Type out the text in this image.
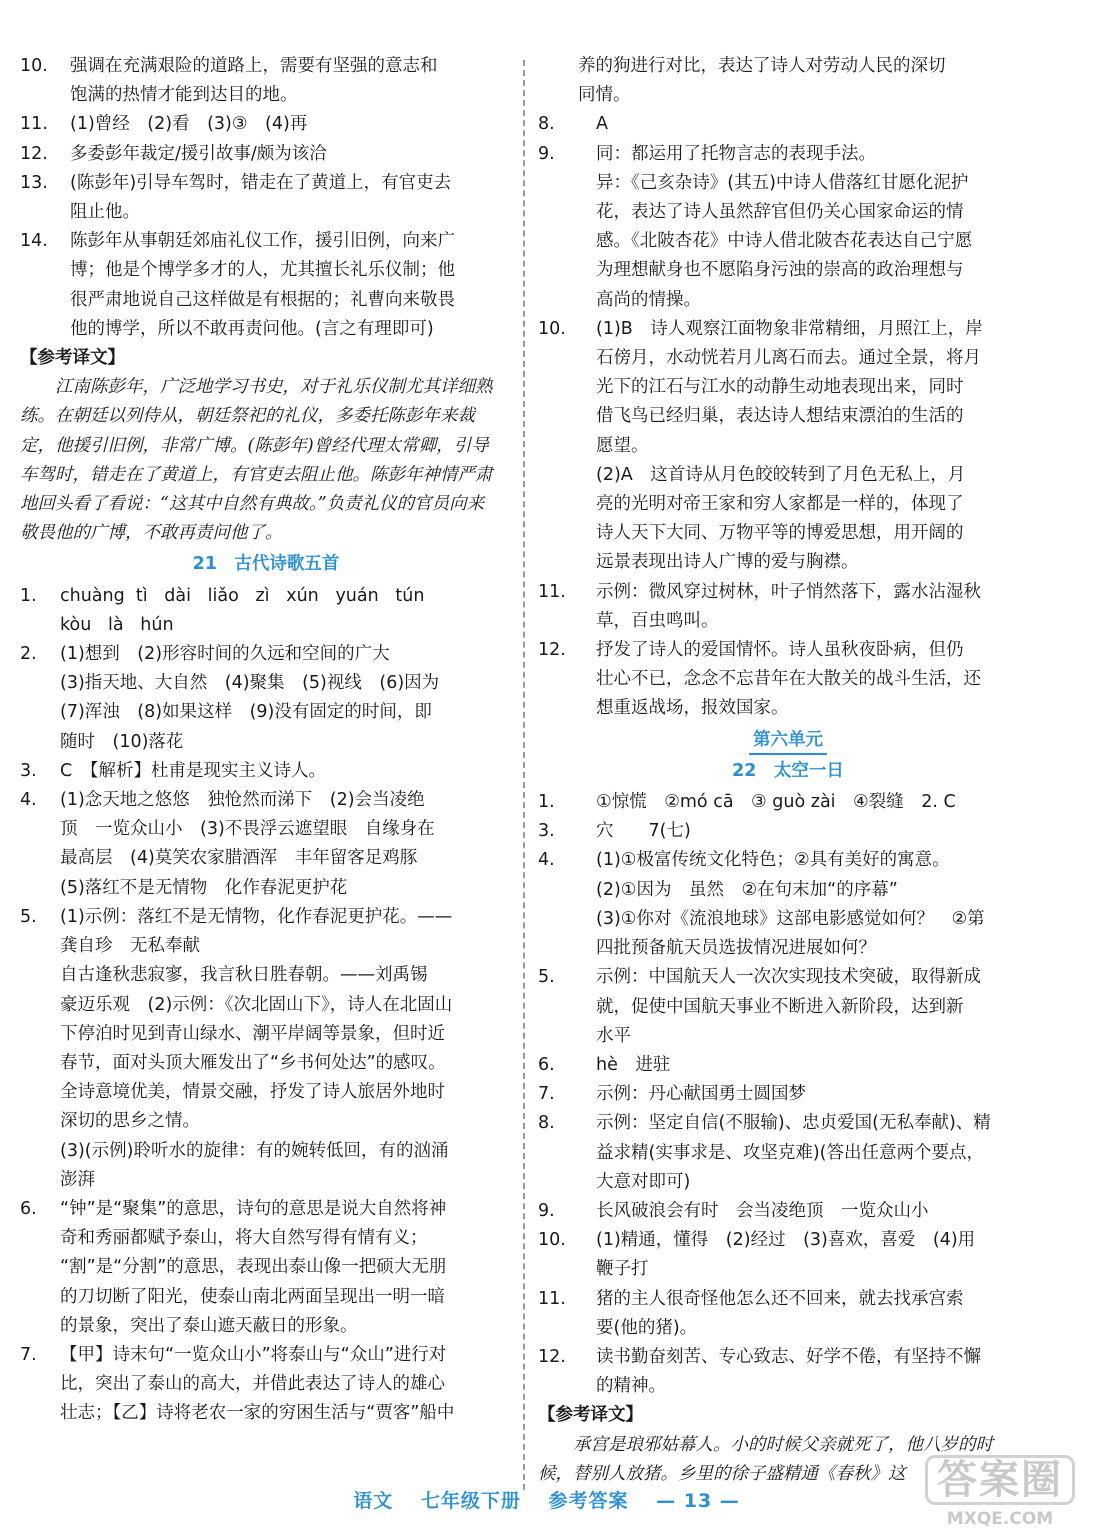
10.	强调在充满艰险的道路上，需要有坚强的意志和
饱满的热情才能到达目的地。
11.	(1)曾经　(2)看　(3)③　(4)再
12.	多委彭年裁定/援引故事/颇为该洽
13.	(陈彭年)引导车驾时，错走在了黄道上，有官吏去
阻止他。
14.	陈彭年从事朝廷郊庙礼仪工作，援引旧例，向来广
博；他是个博学多才的人，尤其擅长礼乐仪制；他
很严肃地说自己这样做是有根据的；礼曹向来敬畏
他的博学，所以不敢再责问他。(言之有理即可)
【参考译文】
江南陈彭年，广泛地学习书史，对于礼乐仪制尤其详细熟练。在朝廷以列侍从，朝廷祭祀的礼仪，多委托陈彭年来裁定，他援引旧例，非常广博。(陈彭年)曾经代理太常卿，引导车驾时，错走在了黄道上，有官吏去阻止他。陈彭年神情严肃地回头看了看说：“这其中自然有典故。”负责礼仪的官员向来敬畏他的广博，不敢再责问他了。
21　古代诗歌五首
1.	chuàng  tì   dài   liǎo   zì   xún   yuán   tún
kòu   là   hún
2.	(1)想到　(2)形容时间的久远和空间的广大
(3)指天地、大自然　(4)聚集　(5)视线　(6)因为
(7)浑浊　(8)如果这样　(9)没有固定的时间，即
随时　(10)落花
3.	C　【解析】杜甫是现实主义诗人。
4.	(1)念天地之悠悠　独怆然而涕下　(2)会当凌绝
顶　一览众山小　(3)不畏浮云遮望眼　自缘身在
最高层　(4)莫笑农家腊酒浑　丰年留客足鸡豚
(5)落红不是无情物　化作春泥更护花
5.	(1)示例：落红不是无情物，化作春泥更护花。——
龚自珍　无私奉献
自古逢秋悲寂寥，我言秋日胜春朝。——刘禹锡
豪迈乐观　(2)示例：《次北固山下》，诗人在北固山
下停泊时见到青山绿水、潮平岸阔等景象，但时近
春节，面对头顶大雁发出了“乡书何处达”的感叹。
全诗意境优美，情景交融，抒发了诗人旅居外地时
深切的思乡之情。
(3)(示例)聆听水的旋律：有的婉转低回，有的汹涌
澎湃
6.	“钟”是“聚集”的意思，诗句的意思是说大自然将神
奇和秀丽都赋予泰山，将大自然写得有情有义；
“割”是“分割”的意思，表现出泰山像一把硕大无朋
的刀切断了阳光，使泰山南北两面呈现出一明一暗
的景象，突出了泰山遮天蔽日的形象。
7.	【甲】诗末句“一览众山小”将泰山与“众山”进行对
比，突出了泰山的高大，并借此表达了诗人的雄心
壮志；【乙】诗将老农一家的穷困生活与“贾客”船中
养的狗进行对比，表达了诗人对劳动人民的深切
同情。
8.	A
9.	同：都运用了托物言志的表现手法。
异：《己亥杂诗》(其五)中诗人借落红甘愿化泥护
花，表达了诗人虽然辞官但仍关心国家命运的情
感。《北陂杏花》中诗人借北陂杏花表达自己宁愿
为理想献身也不愿陷身污浊的崇高的政治理想与
高尚的情操。
10.	(1)B　诗人观察江面物象非常精细，月照江上，岸
石傍月，水动恍若月儿离石而去。通过全景，将月
光下的江石与江水的动静生动地表现出来，同时
借飞鸟已经归巢，表达诗人想结束漂泊的生活的
愿望。
(2)A　这首诗从月色皎皎转到了月色无私上，月
亮的光明对帝王家和穷人家都是一样的，体现了
诗人天下大同、万物平等的博爱思想，用开阔的
远景表现出诗人广博的爱与胸襟。
11.	示例：微风穿过树林，叶子悄然落下，露水沾湿秋
草，百虫鸣叫。
12.	抒发了诗人的爱国情怀。诗人虽秋夜卧病，但仍
壮心不已，念念不忘昔年在大散关的战斗生活，还
想重返战场，报效国家。
第六单元
22　太空一日
1.	①惊慌　②mó cā　③ guò zài　④裂缝　2. C
3.	穴　　7(七)
4.	(1)①极富传统文化特色；②具有美好的寓意。
(2)①因为　虽然　②在句末加“的序幕”
(3)①你对《流浪地球》这部电影感觉如何？　②第
四批预备航天员选拔情况进展如何？
5.	示例：中国航天人一次次实现技术突破，取得新成
就，促使中国航天事业不断进入新阶段，达到新
水平
6.	hè　进驻
7.	示例：丹心献国勇士圆国梦
8.	示例：坚定自信(不服输)、忠贞爱国(无私奉献)、精
益求精(实事求是、攻坚克难)(答出任意两个要点，
大意对即可)
9.	长风破浪会有时　会当凌绝顶　一览众山小
10.	(1)精通，懂得　(2)经过　(3)喜欢，喜爱　(4)用
鞭子打
11.	猪的主人很奇怪他怎么还不回来，就去找承宫索
要(他的猪)。
12.	读书勤奋刻苦、专心致志、好学不倦，有坚持不懈
的精神。
【参考译文】
承宫是琅邪姑幕人。小的时候父亲就死了，他八岁的时候，替别人放猪。乡里的徐子盛精通《春秋》这
语文 七年级下册 参考答案 — 13 —	答案圈
MXQE.COM
